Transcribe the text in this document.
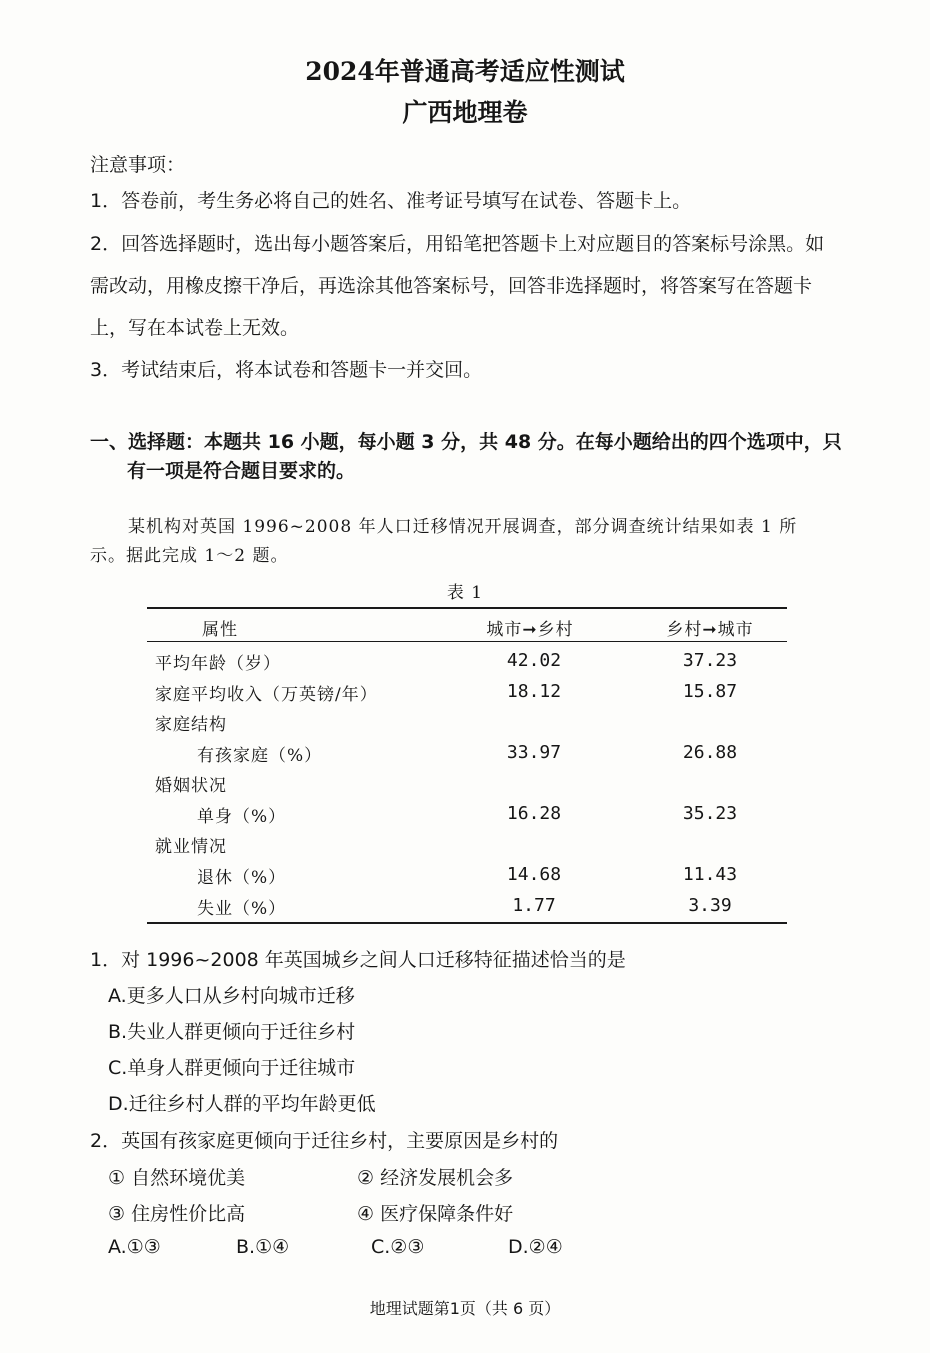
2024年普通高考适应性测试
广西地理卷
注意事项：
1．答卷前，考生务必将自己的姓名、准考证号填写在试卷、答题卡上。
2．回答选择题时，选出每小题答案后，用铅笔把答题卡上对应题目的答案标号涂黑。如
需改动，用橡皮擦干净后，再选涂其他答案标号，回答非选择题时，将答案写在答题卡
上，写在本试卷上无效。
3．考试结束后，将本试卷和答题卡一并交回。
一、选择题：本题共 16 小题，每小题 3 分，共 48 分。在每小题给出的四个选项中，只
有一项是符合题目要求的。
某机构对英国 1996~2008 年人口迁移情况开展调查，部分调查统计结果如表 1 所
示。据此完成 1～2 题。
表 1
属性	城市➞乡村	乡村➞城市
平均年龄（岁）	42.02	37.23
家庭平均收入（万英镑/年）	18.12	15.87
家庭结构
有孩家庭（%）	33.97	26.88
婚姻状况
单身（%）	16.28	35.23
就业情况
退休（%）	14.68	11.43
失业（%）	1.77	3.39
1．对 1996~2008 年英国城乡之间人口迁移特征描述恰当的是
A.更多人口从乡村向城市迁移
B.失业人群更倾向于迁往乡村
C.单身人群更倾向于迁往城市
D.迁往乡村人群的平均年龄更低
2．英国有孩家庭更倾向于迁往乡村，主要原因是乡村的
① 自然环境优美	② 经济发展机会多
③ 住房性价比高	④ 医疗保障条件好
A.①③	B.①④	C.②③	D.②④
地理试题第1页（共 6 页）
